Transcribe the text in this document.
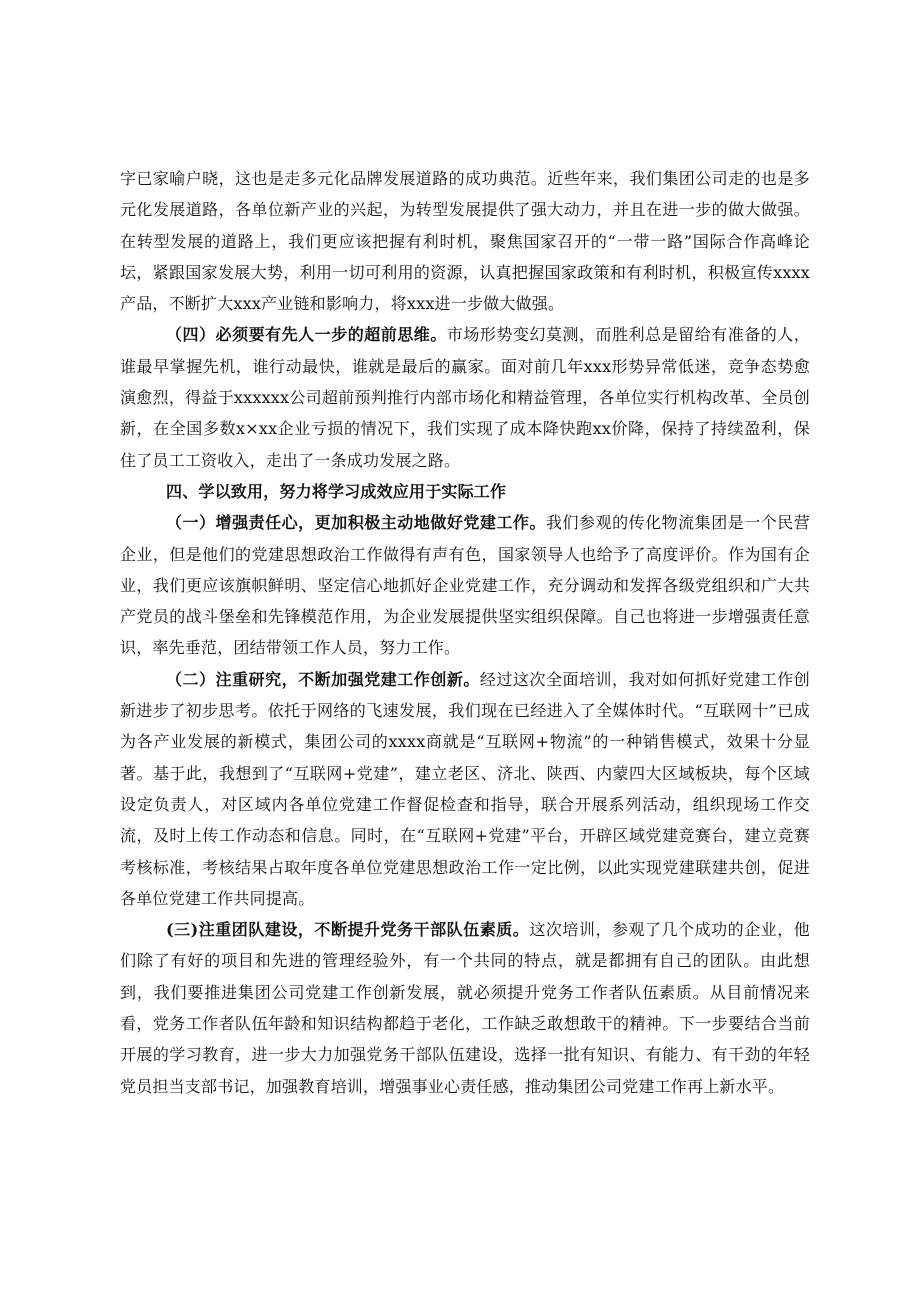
字已家喻户晓，这也是走多元化品牌发展道路的成功典范。近些年来，我们集团公司走的也是多元化发展道路，各单位新产业的兴起，为转型发展提供了强大动力，并且在进一步的做大做强。在转型发展的道路上，我们更应该把握有利时机，聚焦国家召开的“一带一路”国际合作高峰论坛，紧跟国家发展大势，利用一切可利用的资源，认真把握国家政策和有利时机，积极宣传xxxx产品，不断扩大xxx产业链和影响力，将xxx进一步做大做强。

（四）必须要有先人一步的超前思维。市场形势变幻莫测，而胜利总是留给有准备的人，谁最早掌握先机，谁行动最快，谁就是最后的赢家。面对前几年xxx形势异常低迷，竞争态势愈演愈烈，得益于xxxxxx公司超前预判推行内部市场化和精益管理，各单位实行机构改革、全员创新，在全国多数x×xx企业亏损的情况下，我们实现了成本降快跑xx价降，保持了持续盈利，保住了员工工资收入，走出了一条成功发展之路。

四、学以致用，努力将学习成效应用于实际工作

（一）增强责任心，更加积极主动地做好党建工作。我们参观的传化物流集团是一个民营企业，但是他们的党建思想政治工作做得有声有色，国家领导人也给予了高度评价。作为国有企业，我们更应该旗帜鲜明、坚定信心地抓好企业党建工作，充分调动和发挥各级党组织和广大共产党员的战斗堡垒和先锋模范作用，为企业发展提供坚实组织保障。自己也将进一步增强责任意识，率先垂范，团结带领工作人员，努力工作。

（二）注重研究，不断加强党建工作创新。经过这次全面培训，我对如何抓好党建工作创新进步了初步思考。依托于网络的飞速发展，我们现在已经进入了全媒体时代。“互联网十”已成为各产业发展的新模式，集团公司的xxxx商就是“互联网+物流”的一种销售模式，效果十分显著。基于此，我想到了“互联网+党建”，建立老区、济北、陕西、内蒙四大区域板块，每个区域设定负责人，对区域内各单位党建工作督促检查和指导，联合开展系列活动，组织现场工作交流，及时上传工作动态和信息。同时，在“互联网+党建”平台，开辟区域党建竞赛台，建立竞赛考核标准，考核结果占取年度各单位党建思想政治工作一定比例，以此实现党建联建共创，促进各单位党建工作共同提高。

(三)注重团队建设，不断提升党务干部队伍素质。这次培训，参观了几个成功的企业，他们除了有好的项目和先进的管理经验外，有一个共同的特点，就是都拥有自己的团队。由此想到，我们要推进集团公司党建工作创新发展，就必须提升党务工作者队伍素质。从目前情况来看，党务工作者队伍年龄和知识结构都趋于老化，工作缺乏敢想敢干的精神。下一步要结合当前开展的学习教育，进一步大力加强党务干部队伍建设，选择一批有知识、有能力、有干劲的年轻党员担当支部书记，加强教育培训，增强事业心责任感，推动集团公司党建工作再上新水平。
